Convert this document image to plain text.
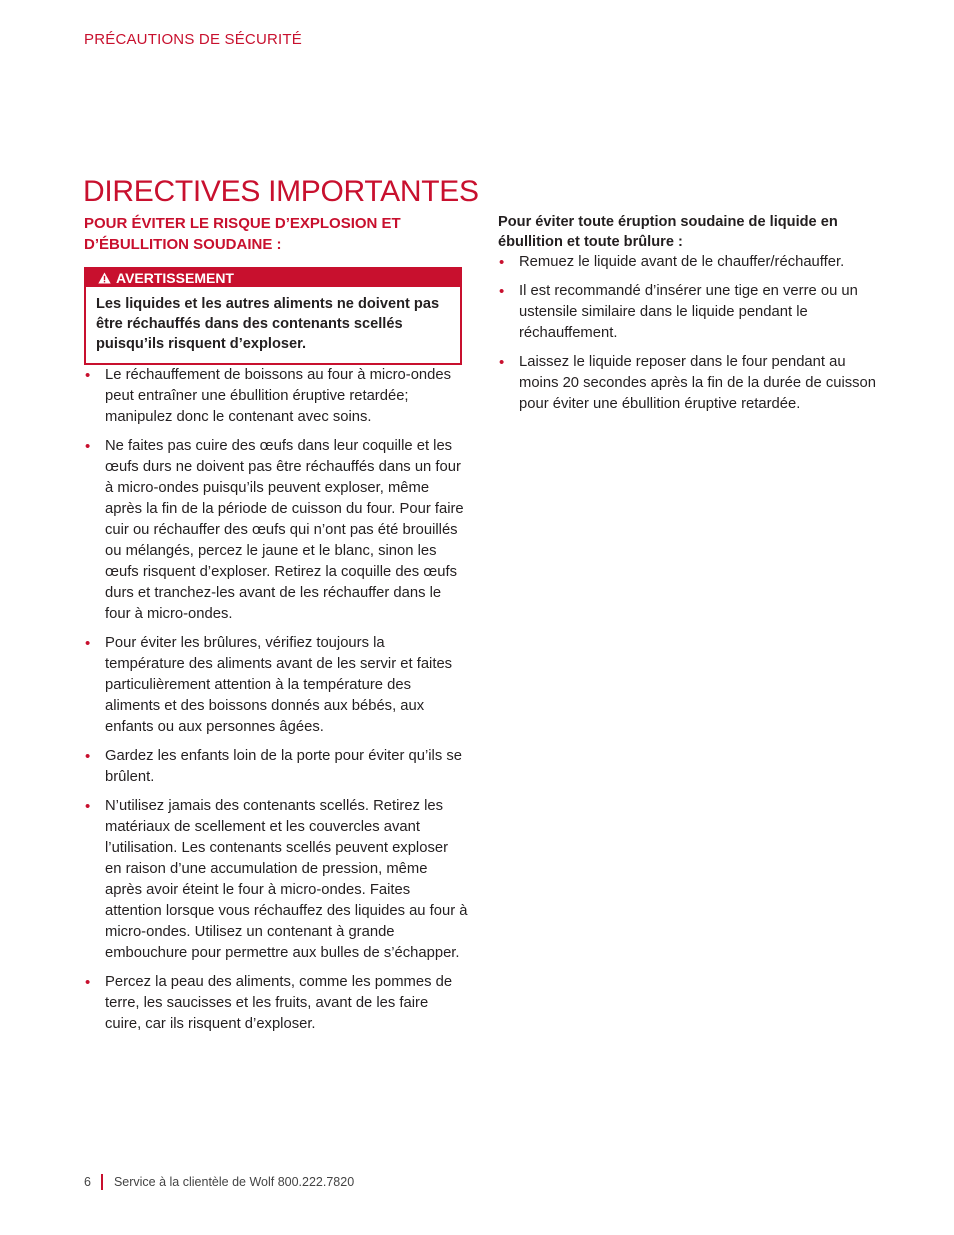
PRÉCAUTIONS DE SÉCURITÉ
DIRECTIVES IMPORTANTES

POUR ÉVITER LE RISQUE D’EXPLOSION ET D’ÉBULLITION SOUDAINE :

AVERTISSEMENT
Les liquides et les autres aliments ne doivent pas être réchauffés dans des contenants scellés puisqu’ils risquent d’exploser.
• Le réchauffement de boissons au four à micro-ondes peut entraîner une ébullition éruptive retardée; manipulez donc le contenant avec soins.
• Ne faites pas cuire des œufs dans leur coquille et les œufs durs ne doivent pas être réchauffés dans un four à micro-ondes puisqu’ils peuvent exploser, même après la fin de la période de cuisson du four. Pour faire cuir ou réchauffer des œufs qui n’ont pas été brouillés ou mélangés, percez le jaune et le blanc, sinon les œufs risquent d’exploser. Retirez la coquille des œufs durs et tranchez-les avant de les réchauffer dans le four à micro-ondes.
• Pour éviter les brûlures, vérifiez toujours la température des aliments avant de les servir et faites particulièrement attention à la température des aliments et des boissons donnés aux bébés, aux enfants ou aux personnes âgées.
• Gardez les enfants loin de la porte pour éviter qu’ils se brûlent.
• N’utilisez jamais des contenants scellés. Retirez les matériaux de scellement et les couvercles avant l’utilisation. Les contenants scellés peuvent exploser en raison d’une accumulation de pression, même après avoir éteint le four à micro-ondes. Faites attention lorsque vous réchauffez des liquides au four à micro-ondes. Utilisez un contenant à grande embouchure pour permettre aux bulles de s’échapper.
• Percez la peau des aliments, comme les pommes de terre, les saucisses et les fruits, avant de les faire cuire, car ils risquent d’exploser.

Pour éviter toute éruption soudaine de liquide en ébullition et toute brûlure :

• Remuez le liquide avant de le chauffer/réchauffer.
• Il est recommandé d’insérer une tige en verre ou un ustensile similaire dans le liquide pendant le réchauffement.
• Laissez le liquide reposer dans le four pendant au moins 20 secondes après la fin de la durée de cuisson pour éviter une ébullition éruptive retardée.
6 Service à la clientèle de Wolf 800.222.7820
